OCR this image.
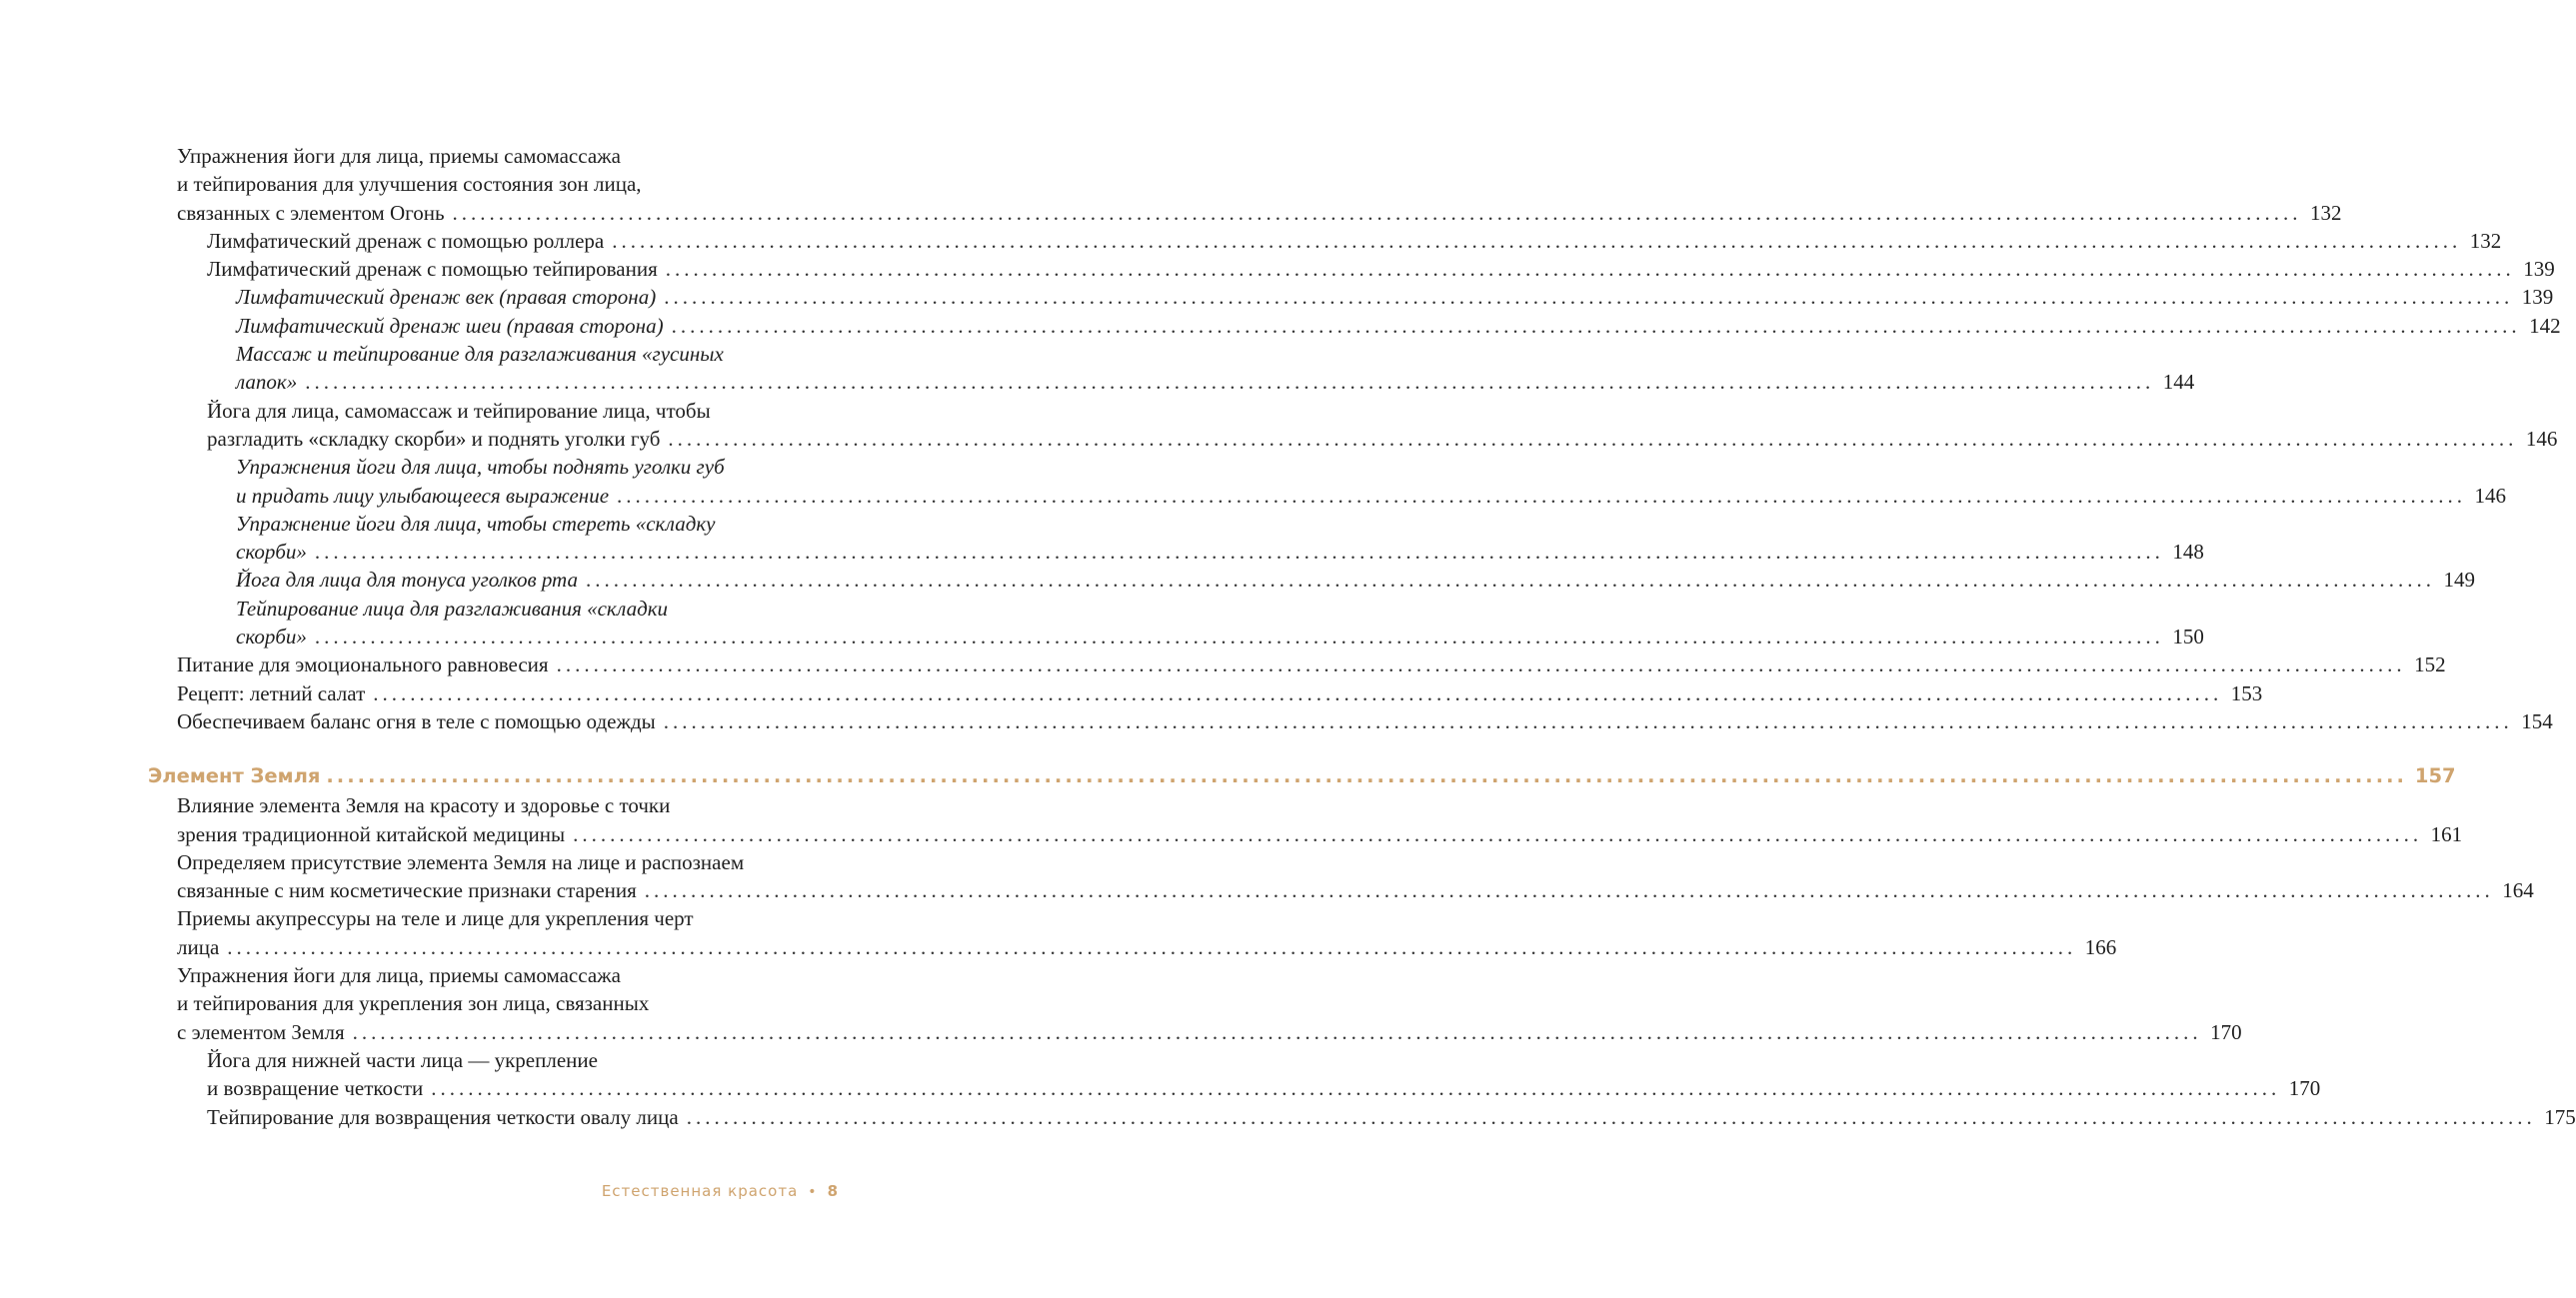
Упражнения йоги для лица, приемы самомассажа
и тейпирования для улучшения состояния зон лица,
связанных с элементом Огонь ........................................................................................................................................................................................................ 132
Лимфатический дренаж с помощью роллера ........................................................................................................................................................................................................ 132
Лимфатический дренаж с помощью тейпирования ........................................................................................................................................................................................................ 139
Лимфатический дренаж век (правая сторона) ........................................................................................................................................................................................................ 139
Лимфатический дренаж шеи (правая сторона) ........................................................................................................................................................................................................ 142
Массаж и тейпирование для разглаживания «гусиных
лапок» ........................................................................................................................................................................................................ 144
Йога для лица, самомассаж и тейпирование лица, чтобы
разгладить «складку скорби» и поднять уголки губ ........................................................................................................................................................................................................ 146
Упражнения йоги для лица, чтобы поднять уголки губ
и придать лицу улыбающееся выражение ........................................................................................................................................................................................................ 146
Упражнение йоги для лица, чтобы стереть «складку
скорби» ........................................................................................................................................................................................................ 148
Йога для лица для тонуса уголков рта ........................................................................................................................................................................................................ 149
Тейпирование лица для разглаживания «складки
скорби» ........................................................................................................................................................................................................ 150
Питание для эмоционального равновесия ........................................................................................................................................................................................................ 152
Рецепт: летний салат ........................................................................................................................................................................................................ 153
Обеспечиваем баланс огня в теле с помощью одежды ........................................................................................................................................................................................................ 154
Элемент Земля ........................................................................................................................................................................................................ 157
Влияние элемента Земля на красоту и здоровье с точки
зрения традиционной китайской медицины ........................................................................................................................................................................................................ 161
Определяем присутствие элемента Земля на лице и распознаем
связанные с ним косметические признаки старения ........................................................................................................................................................................................................ 164
Приемы акупрессуры на теле и лице для укрепления черт
лица ........................................................................................................................................................................................................ 166
Упражнения йоги для лица, приемы самомассажа
и тейпирования для укрепления зон лица, связанных
с элементом Земля ........................................................................................................................................................................................................ 170
Йога для нижней части лица — укрепление
и возвращение четкости ........................................................................................................................................................................................................ 170
Тейпирование для возвращения четкости овалу лица ........................................................................................................................................................................................................ 175
Естественная красота • 8
